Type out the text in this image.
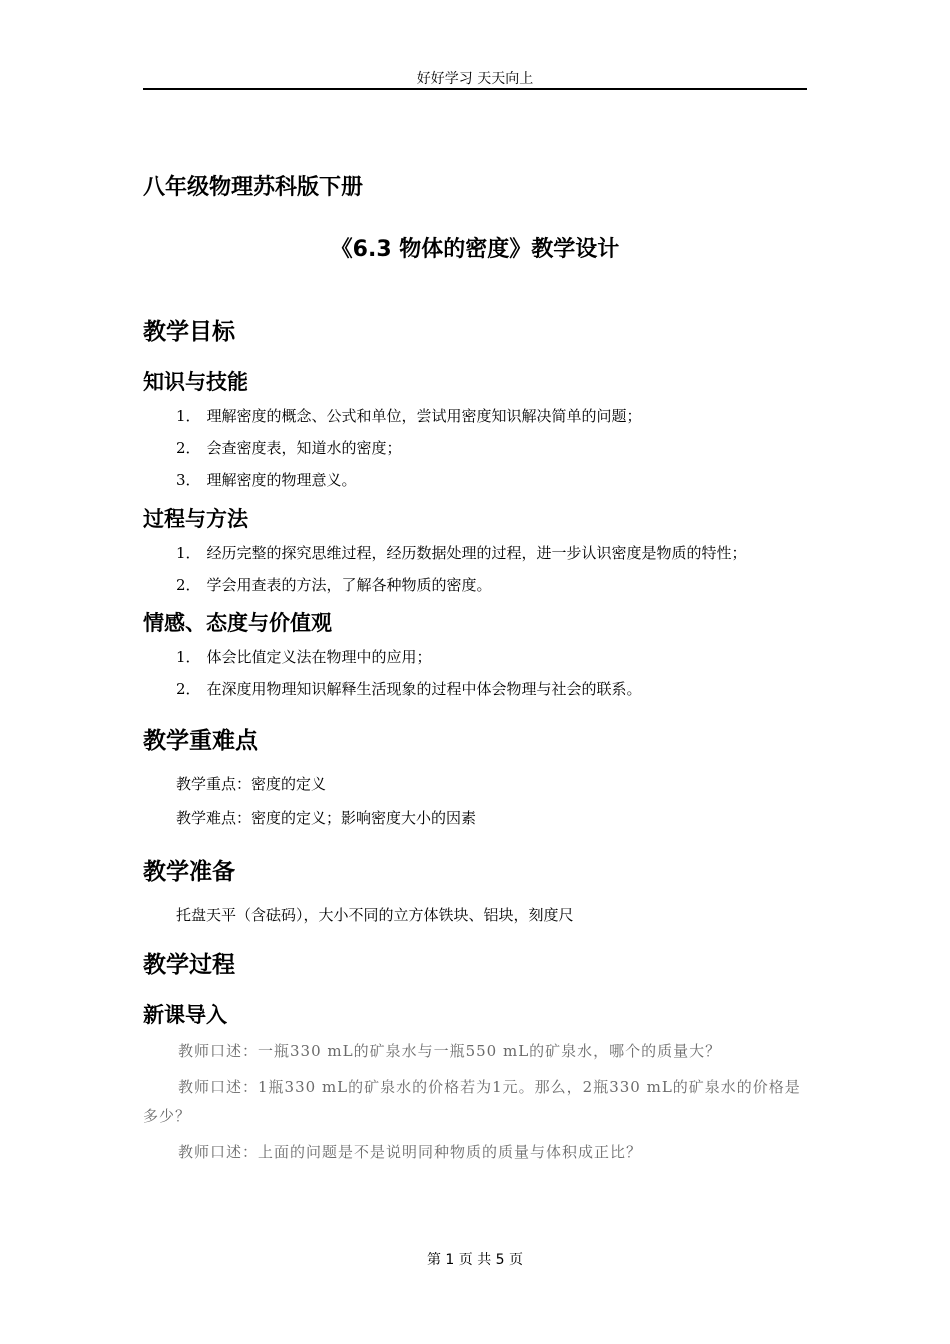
好好学习 天天向上
八年级物理苏科版下册
《6.3 物体的密度》教学设计
教学目标
知识与技能
1． 理解密度的概念、公式和单位，尝试用密度知识解决简单的问题；
2． 会查密度表，知道水的密度；
3． 理解密度的物理意义。
过程与方法
1． 经历完整的探究思维过程，经历数据处理的过程，进一步认识密度是物质的特性；
2． 学会用查表的方法，了解各种物质的密度。
情感、态度与价值观
1． 体会比值定义法在物理中的应用；
2． 在深度用物理知识解释生活现象的过程中体会物理与社会的联系。
教学重难点
教学重点：密度的定义
教学难点：密度的定义；影响密度大小的因素
教学准备
托盘天平（含砝码），大小不同的立方体铁块、铝块，刻度尺
教学过程
新课导入
教师口述：一瓶330 mL的矿泉水与一瓶550 mL的矿泉水，哪个的质量大？
教师口述：1瓶330 mL的矿泉水的价格若为1元。那么，2瓶330 mL的矿泉水的价格是多少？
教师口述：上面的问题是不是说明同种物质的质量与体积成正比？
第 1 页 共 5 页
